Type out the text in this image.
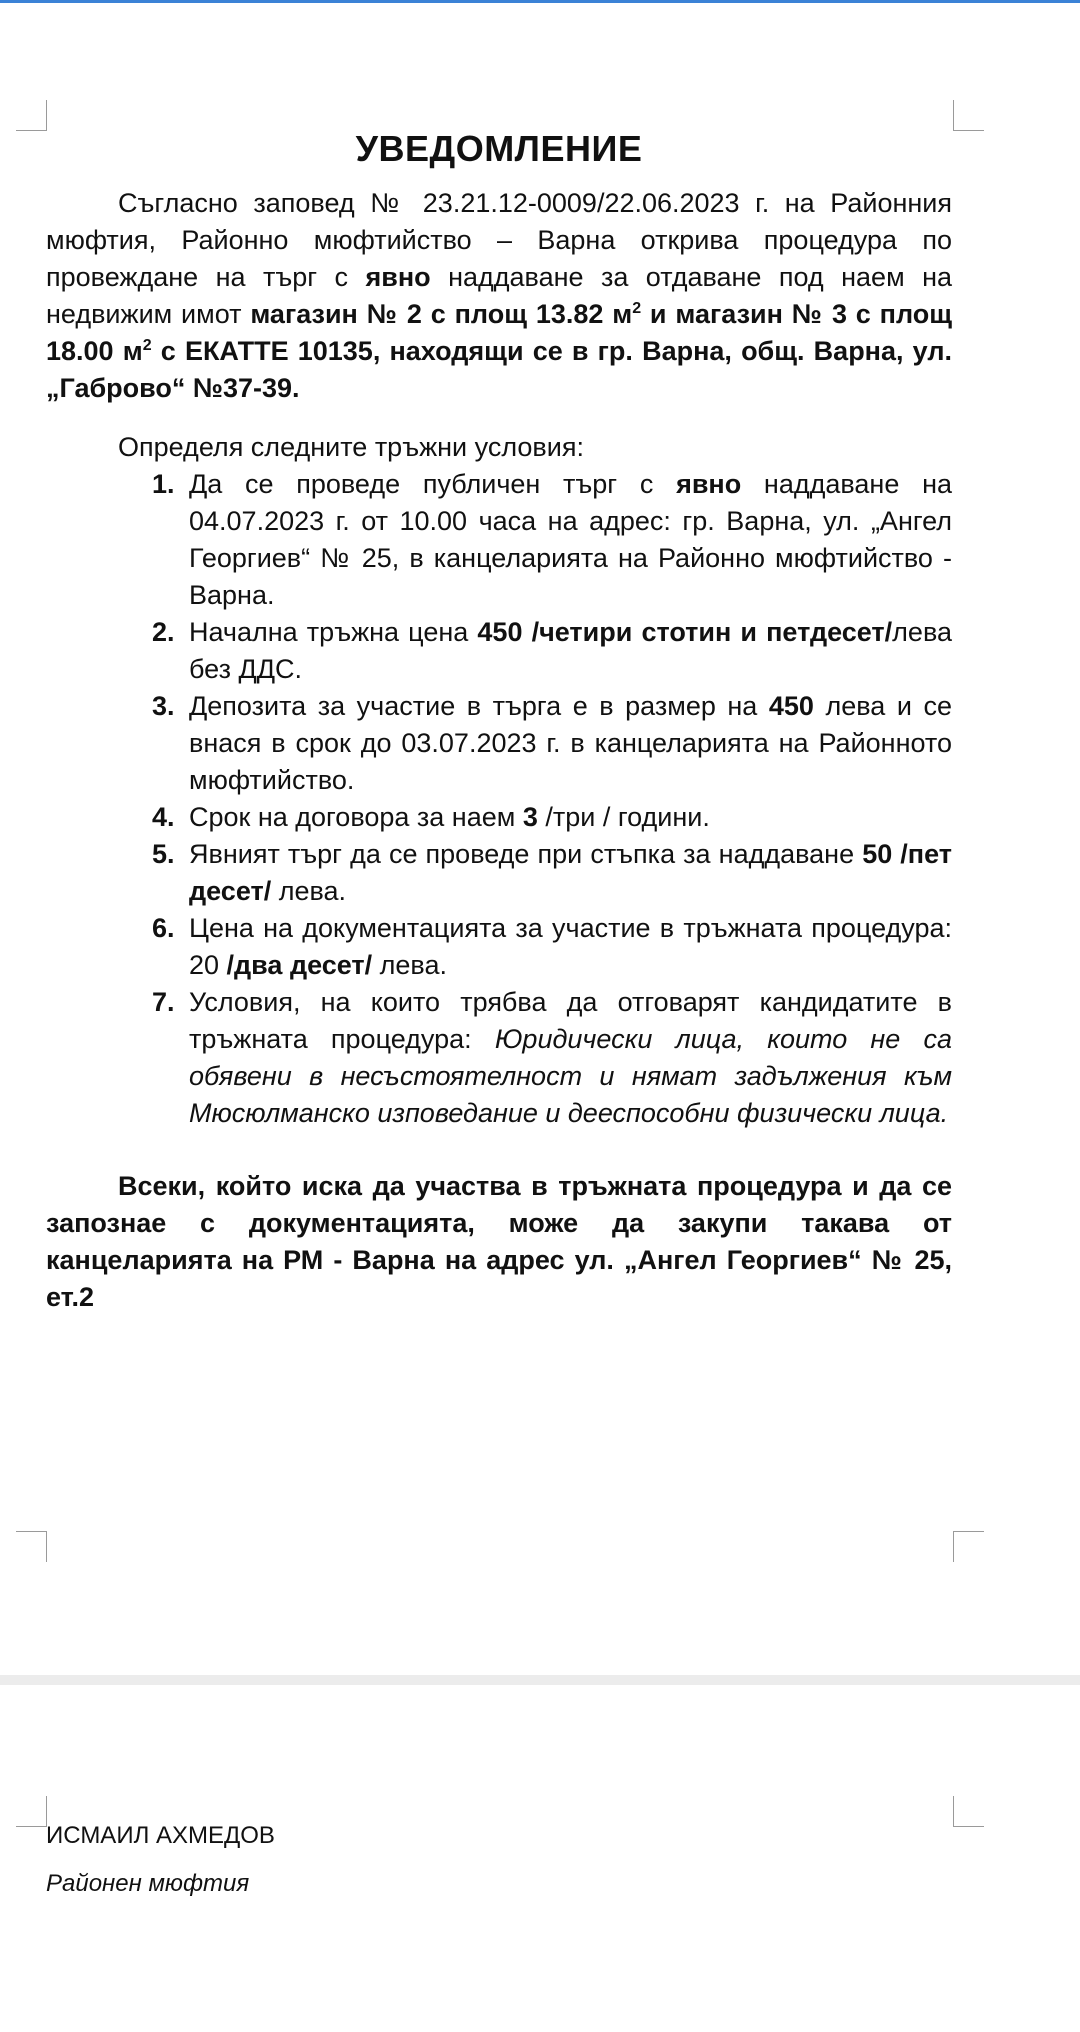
УВЕДОМЛЕНИЕ

Съгласно заповед № 23.21.12-0009/22.06.2023 г. на Районния мюфтия, Районно мюфтийство – Варна открива процедура по провеждане на търг с явно наддаване за отдаване под наем на недвижим имот магазин № 2 с площ 13.82 $м^2$ и магазин № 3 с площ 18.00 $м^2$ с ЕКАТТЕ 10135, находящи се в гр. Варна, общ. Варна, ул. „Габрово“ №37-39.

Определя следните тръжни условия:
1. Да се проведе публичен търг с явно наддаване на 04.07.2023 г. от 10.00 часа на адрес: гр. Варна, ул. „Ангел Георгиев“ № 25, в канцеларията на Районно мюфтийство - Варна.
2. Начална тръжна цена 450 /четири стотин и петдесет/лева без ДДС.
3. Депозита за участие в търга е в размер на 450 лева и се внася в срок до 03.07.2023 г. в канцеларията на Районното мюфтийство.
4. Срок на договора за наем 3 /три / години.
5. Явният търг да се проведе при стъпка за наддаване 50 /пет десет/ лева.
6. Цена на документацията за участие в тръжната процедура: 20 /два десет/ лева.
7. Условия, на които трябва да отговарят кандидатите в тръжната процедура: Юридически лица, които не са обявени в несъстоятелност и нямат задължения към Мюсюлманско изповедание и дееспособни физически лица.

Всеки, който иска да участва в тръжната процедура и да се запознае с документацията, може да закупи такава от канцеларията на РМ - Варна на адрес ул. „Ангел Георгиев“ № 25, ет.2

ИСМАИЛ АХМЕДОВ
Районен мюфтия
